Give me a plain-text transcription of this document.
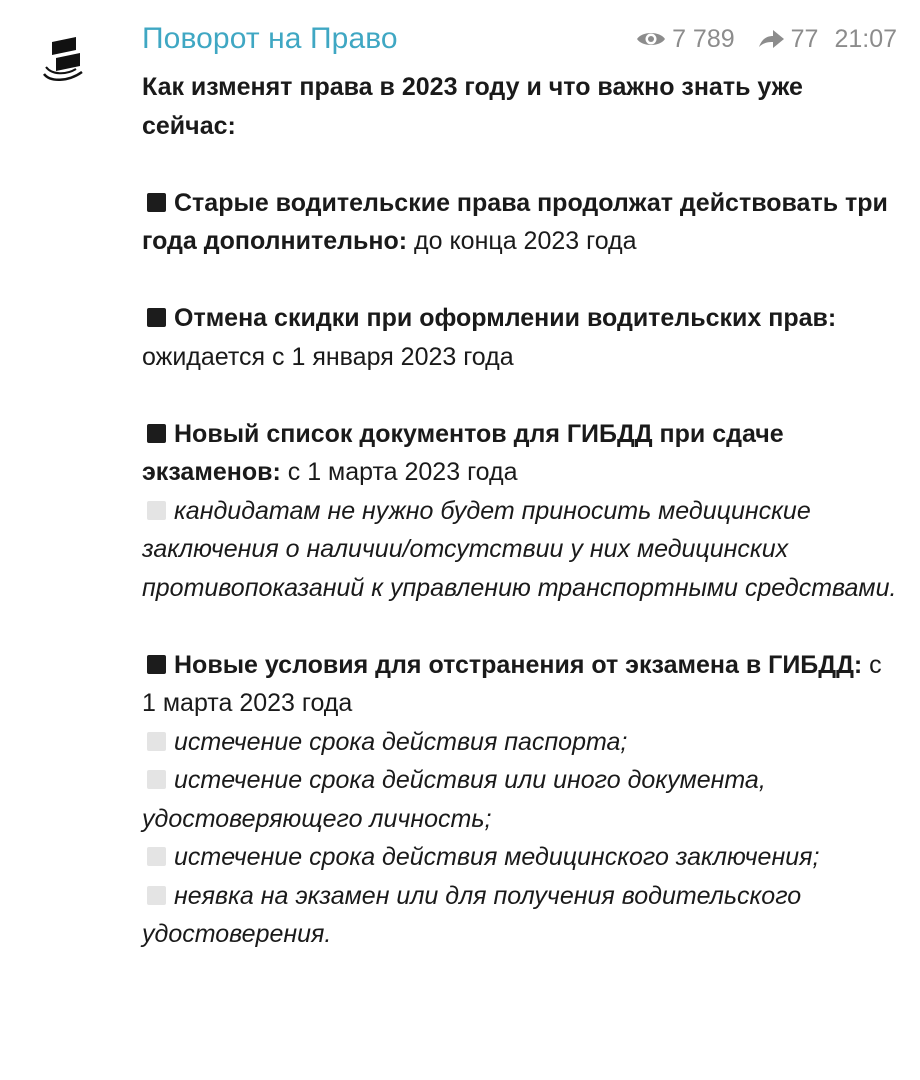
Поворот на Право	7 789 77 21:07

Как изменят права в 2023 году и что важно знать уже сейчас:

Старые водительские права продолжат действовать три года дополнительно: до конца 2023 года

Отмена скидки при оформлении водительских прав: ожидается с 1 января 2023 года

Новый список документов для ГИБДД при сдаче экзаменов: с 1 марта 2023 года

кандидатам не нужно будет приносить медицинские заключения о наличии/отсутствии у них медицинских противопоказаний к управлению транспортными средствами.

Новые условия для отстранения от экзамена в ГИБДД: с 1 марта 2023 года

истечение срока действия паспорта;

истечение срока действия или иного документа, удостоверяющего личность;

истечение срока действия медицинского заключения;

неявка на экзамен или для получения водительского удостоверения.
